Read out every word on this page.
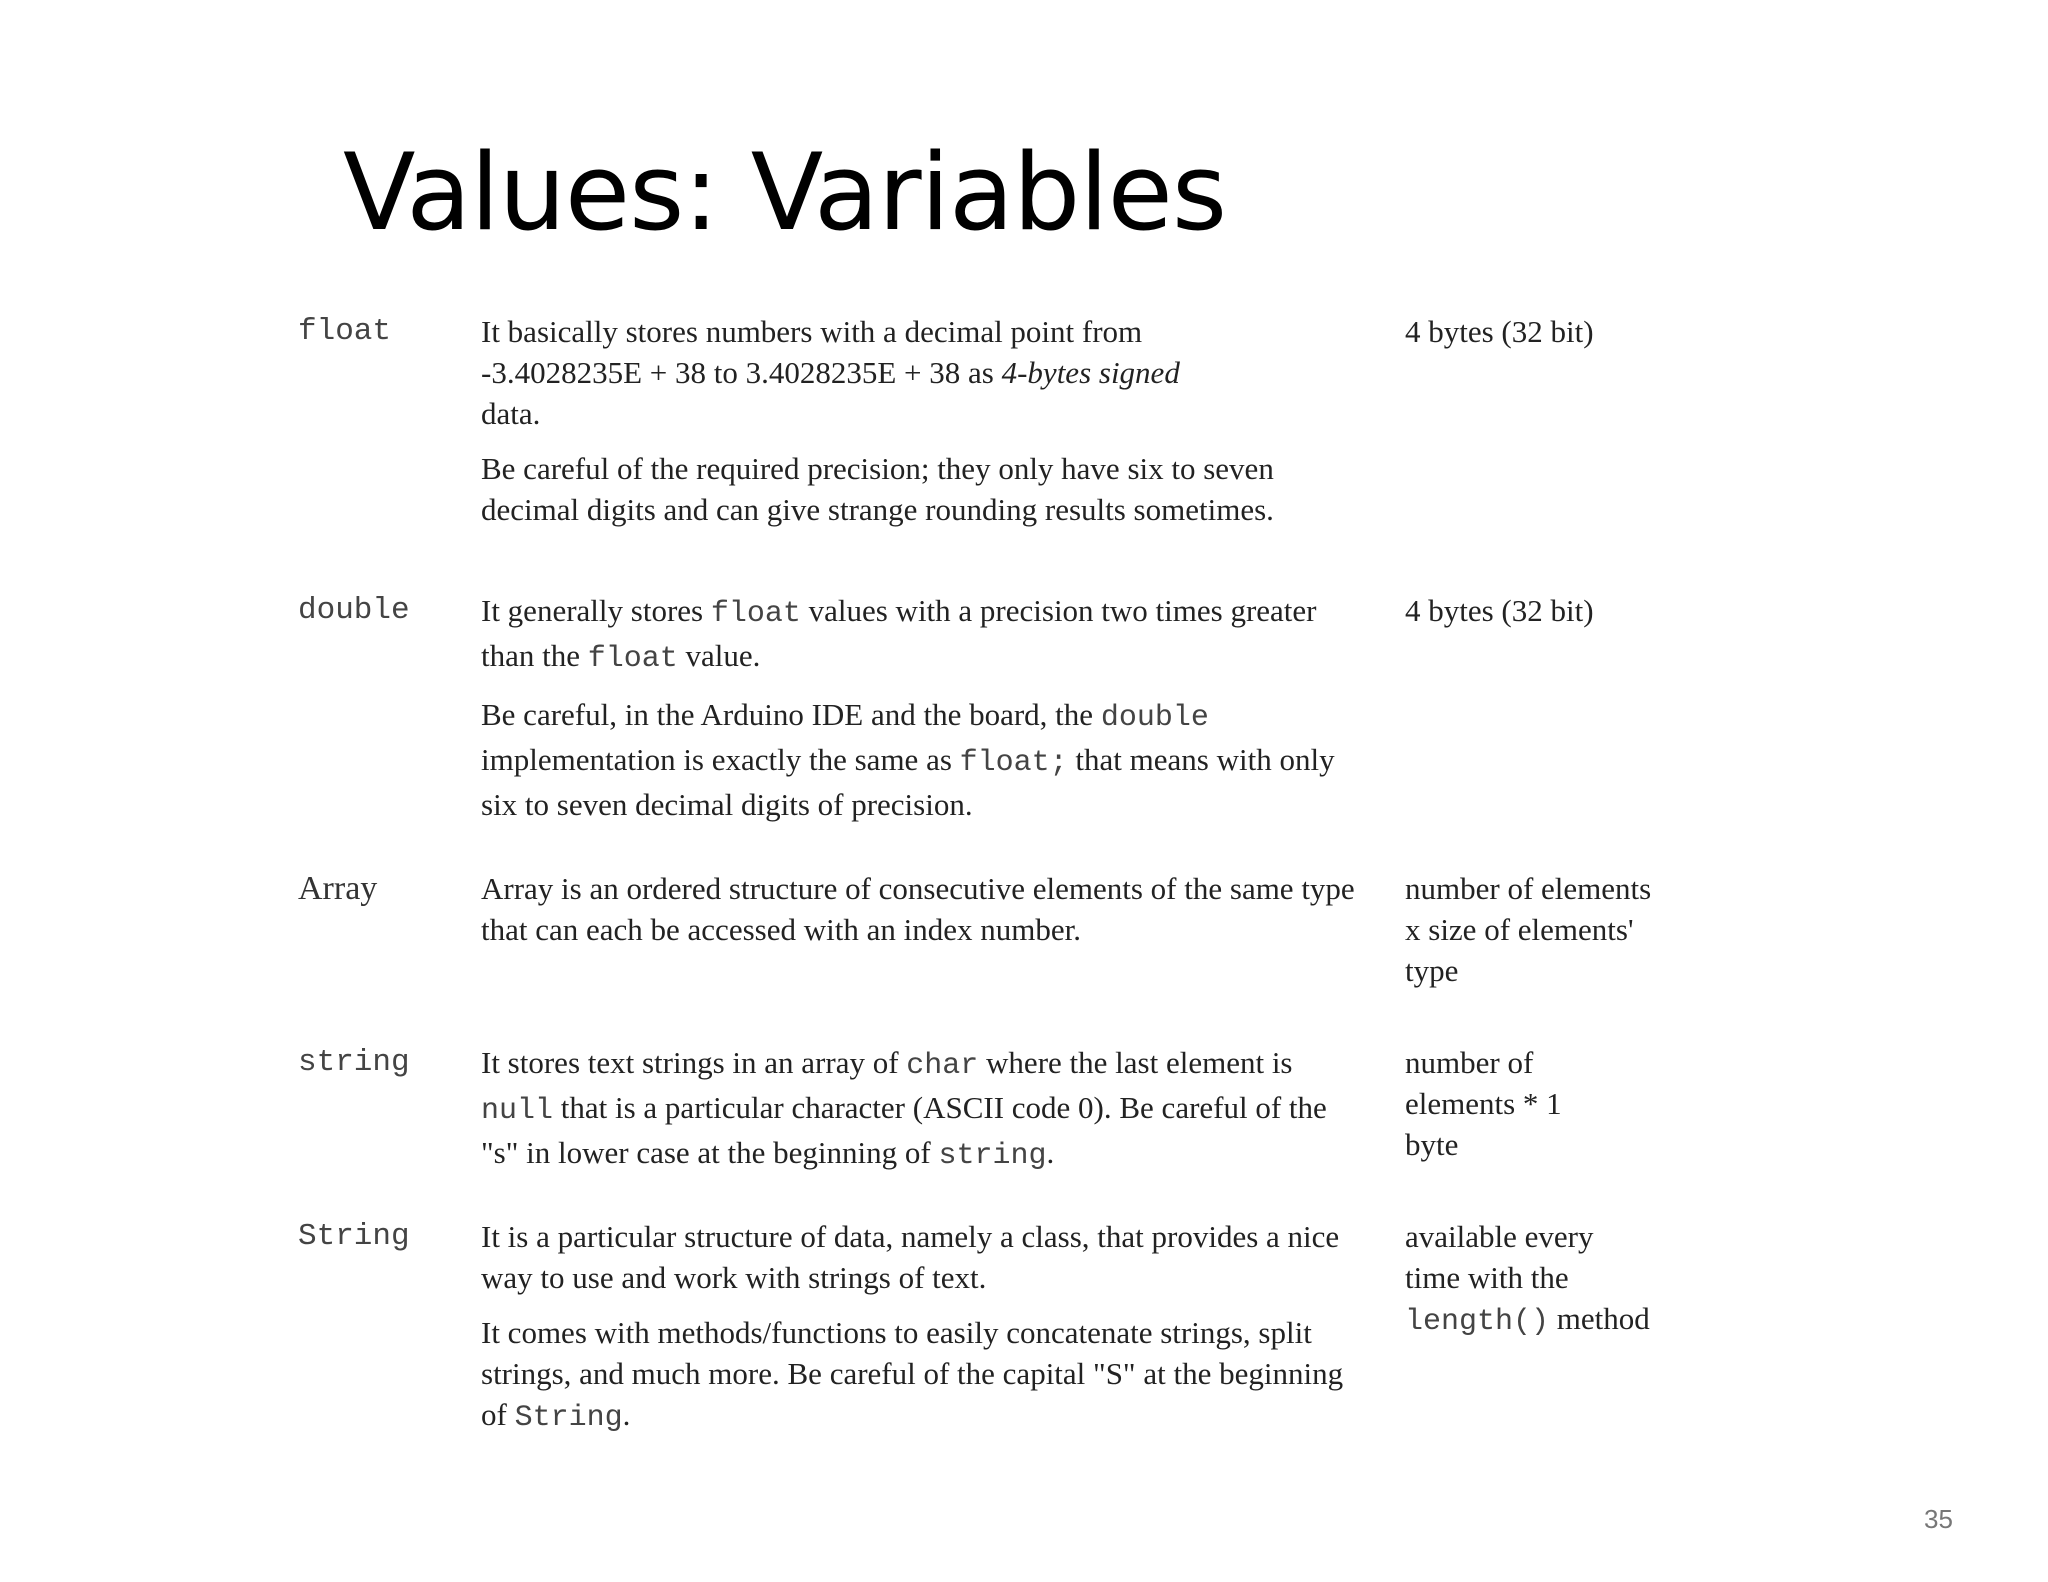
Values: Variables
float	It basically stores numbers with a decimal point from
-3.4028235E + 38 to 3.4028235E + 38 as 4-bytes signed
data.

Be careful of the required precision; they only have six to seven decimal digits and can give strange rounding results sometimes.

4 bytes (32 bit)
double It generally stores float values with a precision two times greater than the float value.

Be careful, in the Arduino IDE and the board, the double implementation is exactly the same as float; that means with only six to seven decimal digits of precision.

4 bytes (32 bit)
Array	Array is an ordered structure of consecutive elements of the same type that can each be accessed with an index number.

number of elements x size of elements' type
string It stores text strings in an array of char where the last element is null that is a particular character (ASCII code 0). Be careful of the "s" in lower case at the beginning of string.

number of elements * 1 byte
String It is a particular structure of data, namely a class, that provides a nice way to use and work with strings of text.

It comes with methods/functions to easily concatenate strings, split strings, and much more. Be careful of the capital "S" at the beginning of String.

available every time with the length() method
35
